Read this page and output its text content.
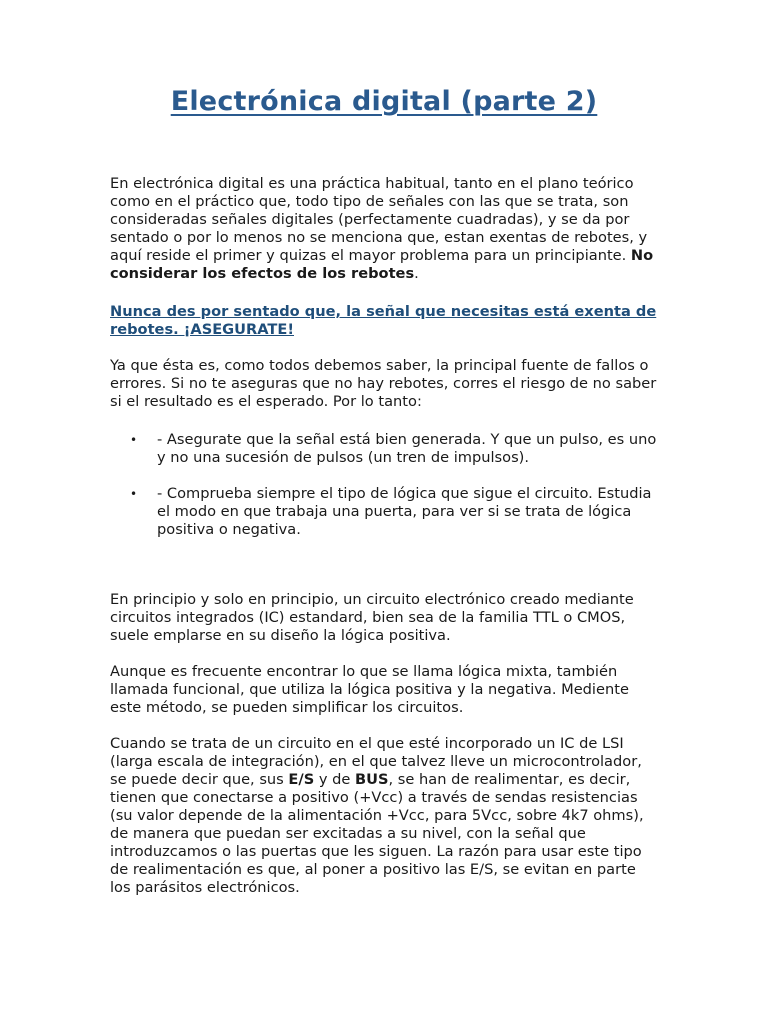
Electrónica digital (parte 2)

En electrónica digital es una práctica habitual, tanto en el plano teórico como en el práctico que, todo tipo de señales con las que se trata, son consideradas señales digitales (perfectamente cuadradas), y se da por sentado o por lo menos no se menciona que, estan exentas de rebotes, y aquí reside el primer y quizas el mayor problema para un principiante. No considerar los efectos de los rebotes.

Nunca des por sentado que, la señal que necesitas está exenta de rebotes. ¡ASEGURATE!

Ya que ésta es, como todos debemos saber, la principal fuente de fallos o errores. Si no te aseguras que no hay rebotes, corres el riesgo de no saber si el resultado es el esperado. Por lo tanto:

• - Asegurate que la señal está bien generada. Y que un pulso, es uno y no una sucesión de pulsos (un tren de impulsos).
• - Comprueba siempre el tipo de lógica que sigue el circuito. Estudia el modo en que trabaja una puerta, para ver si se trata de lógica positiva o negativa.

En principio y solo en principio, un circuito electrónico creado mediante circuitos integrados (IC) estandard, bien sea de la familia TTL o CMOS, suele emplarse en su diseño la lógica positiva.

Aunque es frecuente encontrar lo que se llama lógica mixta, también llamada funcional, que utiliza la lógica positiva y la negativa. Mediente este método, se pueden simplificar los circuitos.

Cuando se trata de un circuito en el que esté incorporado un IC de LSI (larga escala de integración), en el que talvez lleve un microcontrolador, se puede decir que, sus E/S y de BUS, se han de realimentar, es decir, tienen que conectarse a positivo (+Vcc) a través de sendas resistencias (su valor depende de la alimentación +Vcc, para 5Vcc, sobre 4k7 ohms), de manera que puedan ser excitadas a su nivel, con la señal que introduzcamos o las puertas que les siguen. La razón para usar este tipo de realimentación es que, al poner a positivo las E/S, se evitan en parte los parásitos electrónicos.
